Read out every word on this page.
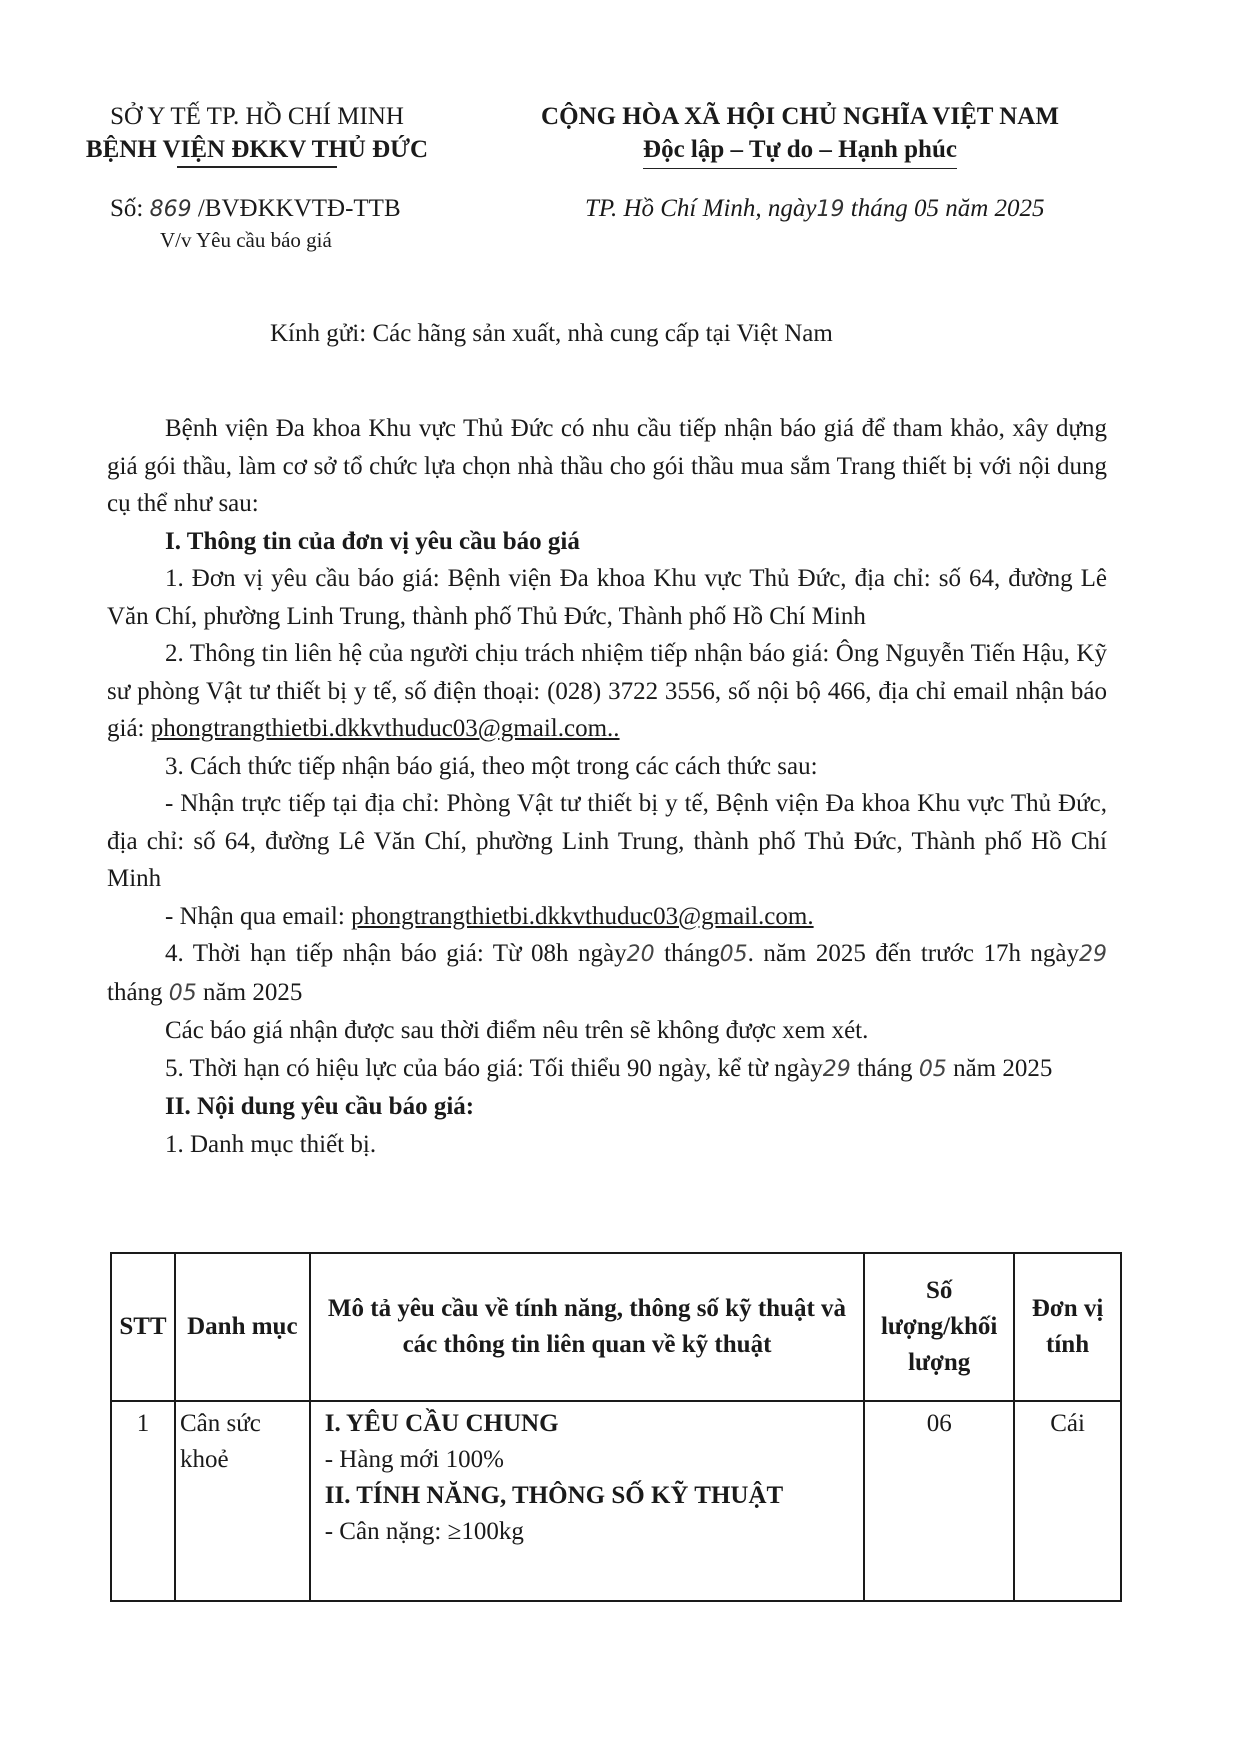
SỞ Y TẾ TP. HỒ CHÍ MINH
BỆNH VIỆN ĐKKV THỦ ĐỨC
CỘNG HÒA XÃ HỘI CHỦ NGHĨA VIỆT NAM
Độc lập – Tự do – Hạnh phúc
Số: 869 /BVĐKKVTĐ-TTB
V/v Yêu cầu báo giá
TP. Hồ Chí Minh, ngày19 tháng 05 năm 2025
Kính gửi: Các hãng sản xuất, nhà cung cấp tại Việt Nam

Bệnh viện Đa khoa Khu vực Thủ Đức có nhu cầu tiếp nhận báo giá để tham khảo, xây dựng giá gói thầu, làm cơ sở tổ chức lựa chọn nhà thầu cho gói thầu mua sắm Trang thiết bị với nội dung cụ thể như sau:

I. Thông tin của đơn vị yêu cầu báo giá

1. Đơn vị yêu cầu báo giá: Bệnh viện Đa khoa Khu vực Thủ Đức, địa chỉ: số 64, đường Lê Văn Chí, phường Linh Trung, thành phố Thủ Đức, Thành phố Hồ Chí Minh

2. Thông tin liên hệ của người chịu trách nhiệm tiếp nhận báo giá: Ông Nguyễn Tiến Hậu, Kỹ sư phòng Vật tư thiết bị y tế, số điện thoại: (028) 3722 3556, số nội bộ 466, địa chỉ email nhận báo giá: phongtrangthietbi.dkkvthuduc03@gmail.com..

3. Cách thức tiếp nhận báo giá, theo một trong các cách thức sau:

- Nhận trực tiếp tại địa chỉ: Phòng Vật tư thiết bị y tế, Bệnh viện Đa khoa Khu vực Thủ Đức, địa chỉ: số 64, đường Lê Văn Chí, phường Linh Trung, thành phố Thủ Đức, Thành phố Hồ Chí Minh

- Nhận qua email: phongtrangthietbi.dkkvthuduc03@gmail.com.

4. Thời hạn tiếp nhận báo giá: Từ 08h ngày20 tháng05. năm 2025 đến trước 17h ngày29 tháng 05 năm 2025

Các báo giá nhận được sau thời điểm nêu trên sẽ không được xem xét.

5. Thời hạn có hiệu lực của báo giá: Tối thiểu 90 ngày, kể từ ngày29 tháng 05 năm 2025

II. Nội dung yêu cầu báo giá:

1. Danh mục thiết bị.

STT	Danh mục	Mô tả yêu cầu về tính năng, thông số kỹ thuật và các thông tin liên quan về kỹ thuật	Số lượng/khối lượng	Đơn vị tính
1	Cân sức khoẻ	I. YÊU CẦU CHUNG
- Hàng mới 100%
II. TÍNH NĂNG, THÔNG SỐ KỸ THUẬT
- Cân nặng: ≥100kg	06	Cái
